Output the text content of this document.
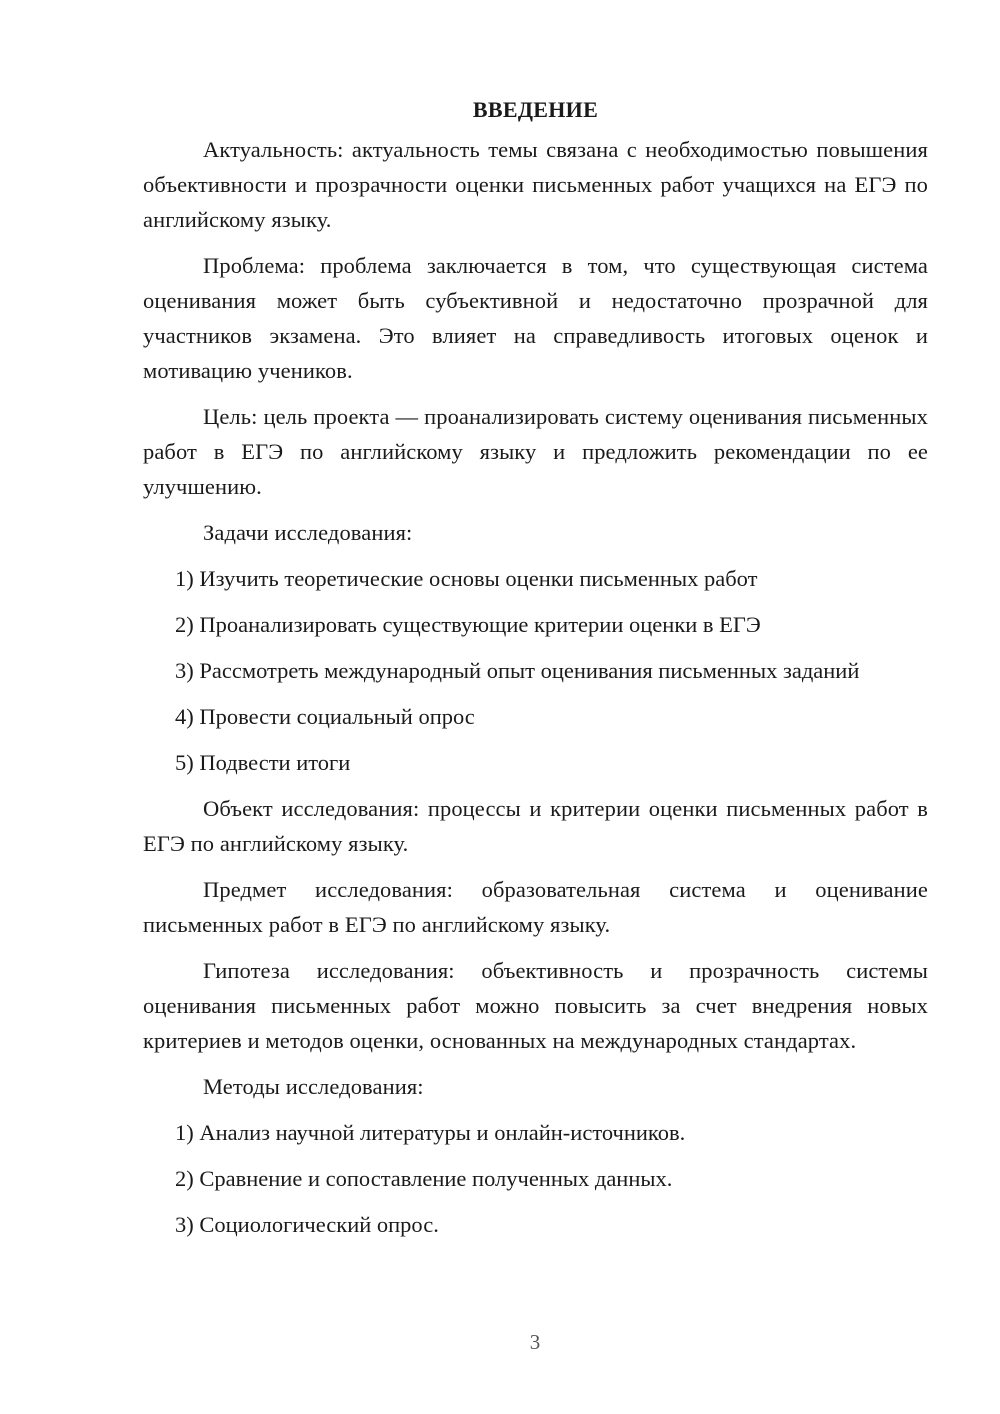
ВВЕДЕНИЕ

Актуальность: актуальность темы связана с необходимостью повышения объективности и прозрачности оценки письменных работ учащихся на ЕГЭ по английскому языку.

Проблема: проблема заключается в том, что существующая система оценивания может быть субъективной и недостаточно прозрачной для участников экзамена. Это влияет на справедливость итоговых оценок и мотивацию учеников.

Цель: цель проекта — проанализировать систему оценивания письменных работ в ЕГЭ по английскому языку и предложить рекомендации по ее улучшению.

Задачи исследования:

1) Изучить теоретические основы оценки письменных работ

2) Проанализировать существующие критерии оценки в ЕГЭ

3) Рассмотреть международный опыт оценивания письменных заданий

4) Провести социальный опрос

5) Подвести итоги

Объект исследования: процессы и критерии оценки письменных работ в ЕГЭ по английскому языку.

Предмет исследования: образовательная система и оценивание письменных работ в ЕГЭ по английскому языку.

Гипотеза исследования: объективность и прозрачность системы оценивания письменных работ можно повысить за счет внедрения новых критериев и методов оценки, основанных на международных стандартах.

Методы исследования:

1) Анализ научной литературы и онлайн-источников.

2) Сравнение и сопоставление полученных данных.

3) Социологический опрос.

3
